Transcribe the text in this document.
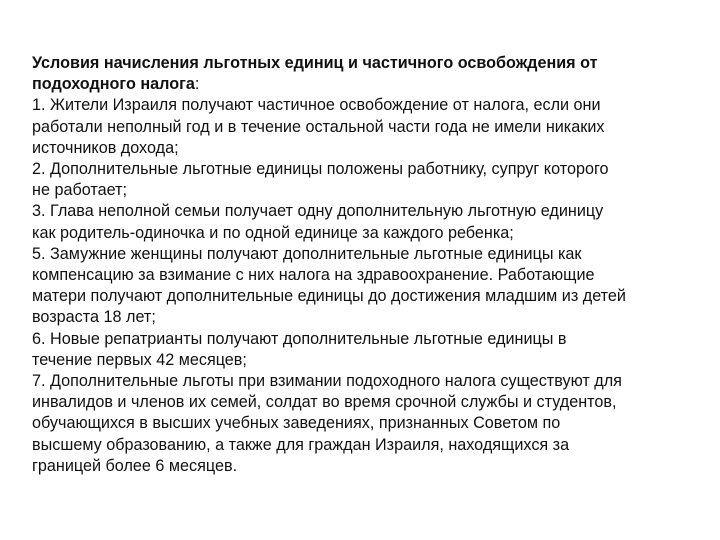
Условия начисления льготных единиц и частичного освобождения от
подоходного налога:
1. Жители Израиля получают частичное освобождение от налога, если они
работали неполный год и в течение остальной части года не имели никаких
источников дохода;
2. Дополнительные льготные единицы положены работнику, супруг которого
не работает;
3. Глава неполной семьи получает одну дополнительную льготную единицу
как родитель-одиночка и по одной единице за каждого ребенка;
5. Замужние женщины получают дополнительные льготные единицы как
компенсацию за взимание с них налога на здравоохранение. Работающие
матери получают дополнительные единицы до достижения младшим из детей
возраста 18 лет;
6. Новые репатрианты получают дополнительные льготные единицы в
течение первых 42 месяцев;
7. Дополнительные льготы при взимании подоходного налога существуют для
инвалидов и членов их семей, солдат во время срочной службы и студентов,
обучающихся в высших учебных заведениях, признанных Советом по
высшему образованию, а также для граждан Израиля, находящихся за
границей более 6 месяцев.
